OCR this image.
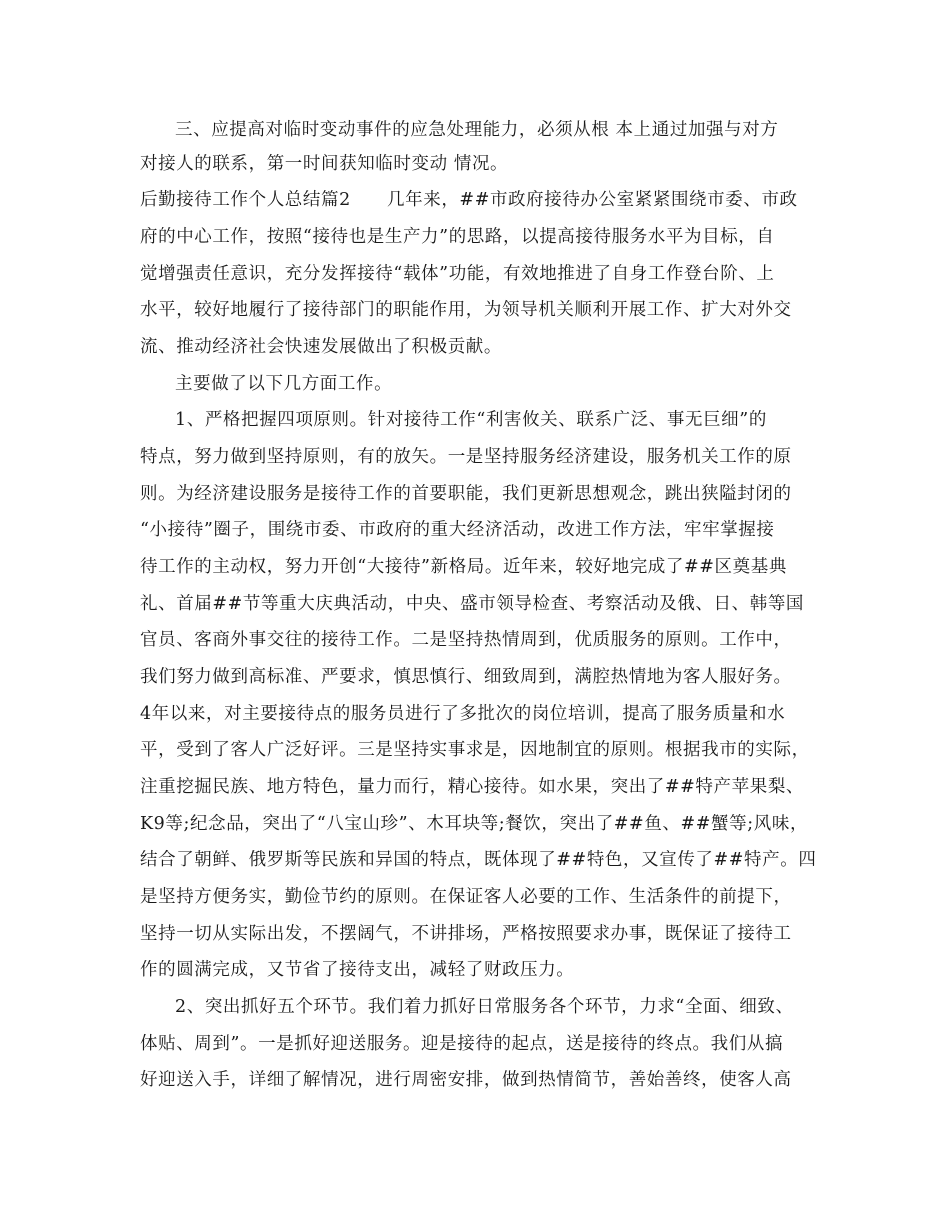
三、应提高对临时变动事件的应急处理能力，必须从根 本上通过加强与对方
对接人的联系，第一时间获知临时变动 情况。
后勤接待工作个人总结篇2　　几年来，##市政府接待办公室紧紧围绕市委、市政
府的中心工作，按照“接待也是生产力”的思路，以提高接待服务水平为目标，自
觉增强责任意识，充分发挥接待“载体”功能，有效地推进了自身工作登台阶、上
水平，较好地履行了接待部门的职能作用，为领导机关顺利开展工作、扩大对外交
流、推动经济社会快速发展做出了积极贡献。
主要做了以下几方面工作。
1、严格把握四项原则。针对接待工作“利害攸关、联系广泛、事无巨细”的
特点，努力做到坚持原则，有的放矢。一是坚持服务经济建设，服务机关工作的原
则。为经济建设服务是接待工作的首要职能，我们更新思想观念，跳出狭隘封闭的
“小接待”圈子，围绕市委、市政府的重大经济活动，改进工作方法，牢牢掌握接
待工作的主动权，努力开创“大接待”新格局。近年来，较好地完成了##区奠基典
礼、首届##节等重大庆典活动，中央、盛市领导检查、考察活动及俄、日、韩等国
官员、客商外事交往的接待工作。二是坚持热情周到，优质服务的原则。工作中，
我们努力做到高标准、严要求，慎思慎行、细致周到，满腔热情地为客人服好务。
4年以来，对主要接待点的服务员进行了多批次的岗位培训，提高了服务质量和水
平，受到了客人广泛好评。三是坚持实事求是，因地制宜的原则。根据我市的实际，
注重挖掘民族、地方特色，量力而行，精心接待。如水果，突出了##特产苹果梨、
K9等;纪念品，突出了“八宝山珍”、木耳块等;餐饮，突出了##鱼、##蟹等;风味，
结合了朝鲜、俄罗斯等民族和异国的特点，既体现了##特色，又宣传了##特产。四
是坚持方便务实，勤俭节约的原则。在保证客人必要的工作、生活条件的前提下，
坚持一切从实际出发，不摆阔气，不讲排场，严格按照要求办事，既保证了接待工
作的圆满完成，又节省了接待支出，减轻了财政压力。
2、突出抓好五个环节。我们着力抓好日常服务各个环节，力求“全面、细致、
体贴、周到”。一是抓好迎送服务。迎是接待的起点，送是接待的终点。我们从搞
好迎送入手，详细了解情况，进行周密安排，做到热情简节，善始善终，使客人高
